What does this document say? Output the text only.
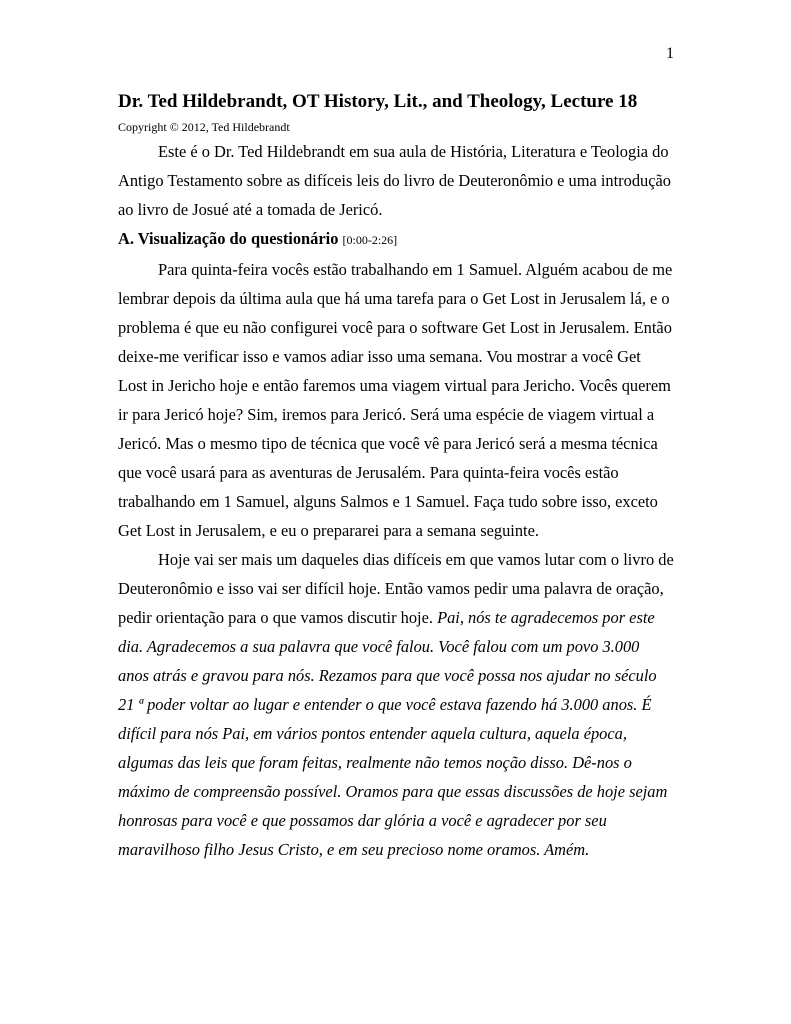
1
Dr. Ted Hildebrandt, OT History, Lit., and Theology, Lecture 18
Copyright © 2012, Ted Hildebrandt

Este é o Dr. Ted Hildebrandt em sua aula de História, Literatura e Teologia do Antigo Testamento sobre as difíceis leis do livro de Deuteronômio e uma introdução ao livro de Josué até a tomada de Jericó.

A. Visualização do questionário [0:00-2:26]

Para quinta-feira vocês estão trabalhando em 1 Samuel. Alguém acabou de me lembrar depois da última aula que há uma tarefa para o Get Lost in Jerusalem lá, e o problema é que eu não configurei você para o software Get Lost in Jerusalem. Então deixe-me verificar isso e vamos adiar isso uma semana. Vou mostrar a você Get Lost in Jericho hoje e então faremos uma viagem virtual para Jericho. Vocês querem ir para Jericó hoje? Sim, iremos para Jericó. Será uma espécie de viagem virtual a Jericó. Mas o mesmo tipo de técnica que você vê para Jericó será a mesma técnica que você usará para as aventuras de Jerusalém. Para quinta-feira vocês estão trabalhando em 1 Samuel, alguns Salmos e 1 Samuel. Faça tudo sobre isso, exceto Get Lost in Jerusalem, e eu o prepararei para a semana seguinte.

Hoje vai ser mais um daqueles dias difíceis em que vamos lutar com o livro de Deuteronômio e isso vai ser difícil hoje. Então vamos pedir uma palavra de oração, pedir orientação para o que vamos discutir hoje. Pai, nós te agradecemos por este dia. Agradecemos a sua palavra que você falou. Você falou com um povo 3.000 anos atrás e gravou para nós. Rezamos para que você possa nos ajudar no século 21 ª poder voltar ao lugar e entender o que você estava fazendo há 3.000 anos. É difícil para nós Pai, em vários pontos entender aquela cultura, aquela época, algumas das leis que foram feitas, realmente não temos noção disso. Dê-nos o máximo de compreensão possível. Oramos para que essas discussões de hoje sejam honrosas para você e que possamos dar glória a você e agradecer por seu maravilhoso filho Jesus Cristo, e em seu precioso nome oramos. Amém.
